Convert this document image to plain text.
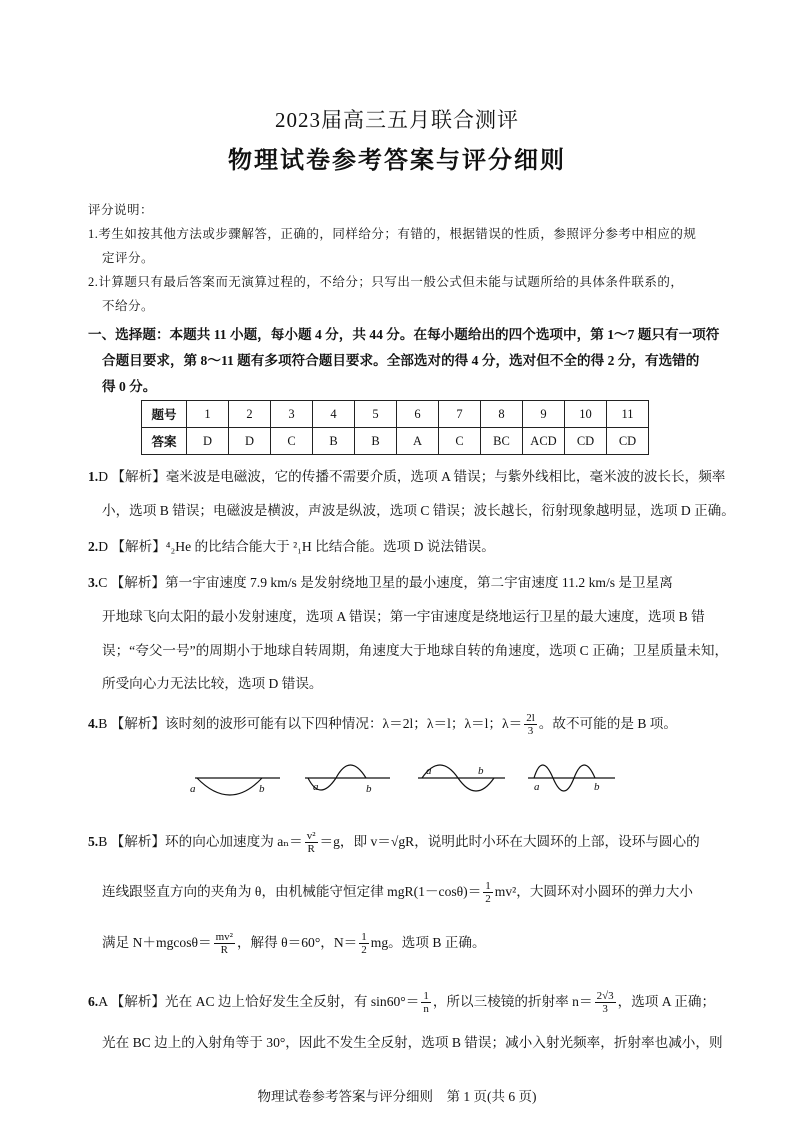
2023届高三五月联合测评
物理试卷参考答案与评分细则
评分说明：
1.考生如按其他方法或步骤解答，正确的，同样给分；有错的，根据错误的性质，参照评分参考中相应的规
定评分。
2.计算题只有最后答案而无演算过程的，不给分；只写出一般公式但未能与试题所给的具体条件联系的，
不给分。
一、选择题：本题共 11 小题，每小题 4 分，共 44 分。在每小题给出的四个选项中，第 1～7 题只有一项符
合题目要求，第 8～11 题有多项符合题目要求。全部选对的得 4 分，选对但不全的得 2 分，有选错的
得 0 分。
题号	1	2	3	4	5	6	7	8	9	10	11
答案	D	D	C	B	B	A	C	BC	ACD	CD	CD
1.D 【解析】毫米波是电磁波，它的传播不需要介质，选项 A 错误；与紫外线相比，毫米波的波长长，频率
小，选项 B 错误；电磁波是横波，声波是纵波，选项 C 错误；波长越长，衍射现象越明显，选项 D 正确。
2.D 【解析】⁴₂He 的比结合能大于 ²₁H 比结合能。选项 D 说法错误。
3.C 【解析】第一宇宙速度 7.9 km/s 是发射绕地卫星的最小速度，第二宇宙速度 11.2 km/s 是卫星离
开地球飞向太阳的最小发射速度，选项 A 错误；第一宇宙速度是绕地运行卫星的最大速度，选项 B 错
误；“夸父一号”的周期小于地球自转周期，角速度大于地球自转的角速度，选项 C 正确；卫星质量未知，
所受向心力无法比较，选项 D 错误。
4.B 【解析】该时刻的波形可能有以下四种情况：λ＝2l；λ＝l；λ＝l；$\lambda= \frac{2l}{3}$ 。故不可能的是 B 项。
a	b	a	b
a	b
a	b
5.B 【解析】环的向心加速度为 $a_n= \frac{\text{v²}}{R} =g$，即 v＝√gR，说明此时小环在大圆环的上部，设环与圆心的
连线跟竖直方向的夹角为 θ，由机械能守恒定律 $mgR(1-\cos\theta)= \frac{1}{2} mv^2$，大圆环对小圆环的弹力大小
满足 $N+mgcos\theta= \frac{\text{mv²}}{R}$ ，解得 θ＝60°，$N= \frac{1}{2}$ mg。选项 B 正确。
6.A 【解析】光在 AC 边上恰好发生全反射，有 $\sin 60^\circ= \frac{1}{n}$ ，所以三棱镜的折射率 $n= \frac{2√3}{3}$ ，选项 A 正确；
光在 BC 边上的入射角等于 30°，因此不发生全反射，选项 B 错误；减小入射光频率，折射率也减小，则
物理试卷参考答案与评分细则　第 1 页(共 6 页)
